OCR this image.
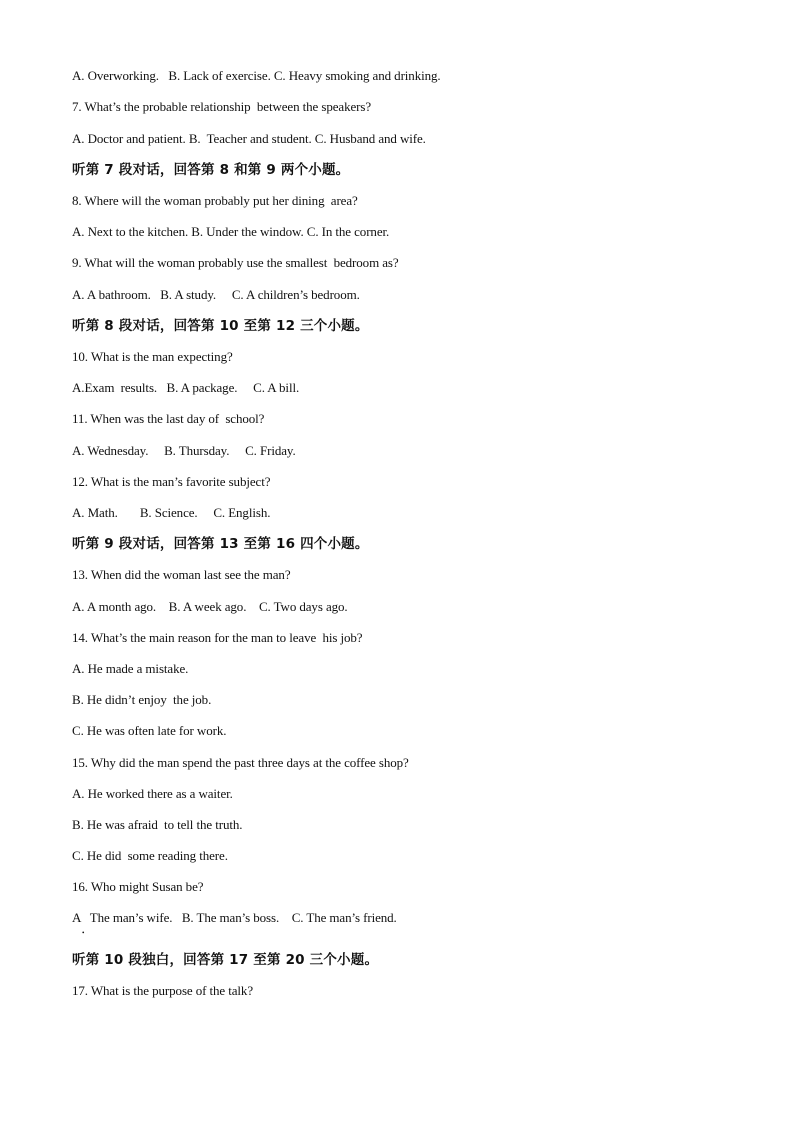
A. Overworking.   B. Lack of exercise. C. Heavy smoking and drinking.
7. What’s the probable relationship  between the speakers?
A. Doctor and patient. B.  Teacher and student. C. Husband and wife.
听第 7 段对话，回答第 8 和第 9 两个小题。
8. Where will the woman probably put her dining  area?
A. Next to the kitchen. B. Under the window. C. In the corner.
9. What will the woman probably use the smallest  bedroom as?
A. A bathroom.   B. A study.     C. A children’s bedroom.
听第 8 段对话，回答第 10 至第 12 三个小题。
10. What is the man expecting?
A.Exam  results.   B. A package.     C. A bill.
11. When was the last day of  school?
A. Wednesday.     B. Thursday.     C. Friday.
12. What is the man’s favorite subject?
A. Math.       B. Science.     C. English.
听第 9 段对话，回答第 13 至第 16 四个小题。
13. When did the woman last see the man?
A. A month ago.    B. A week ago.    C. Two days ago.
14. What’s the main reason for the man to leave  his job?
A. He made a mistake.
B. He didn’t enjoy  the job.
C. He was often late for work.
15. Why did the man spend the past three days at the coffee shop?
A. He worked there as a waiter.
B. He was afraid  to tell the truth.
C. He did  some reading there.
16. Who might Susan be?
A   The man’s wife.   B. The man’s boss.    C. The man’s friend.
•
听第 10 段独白，回答第 17 至第 20 三个小题。
17. What is the purpose of the talk?
